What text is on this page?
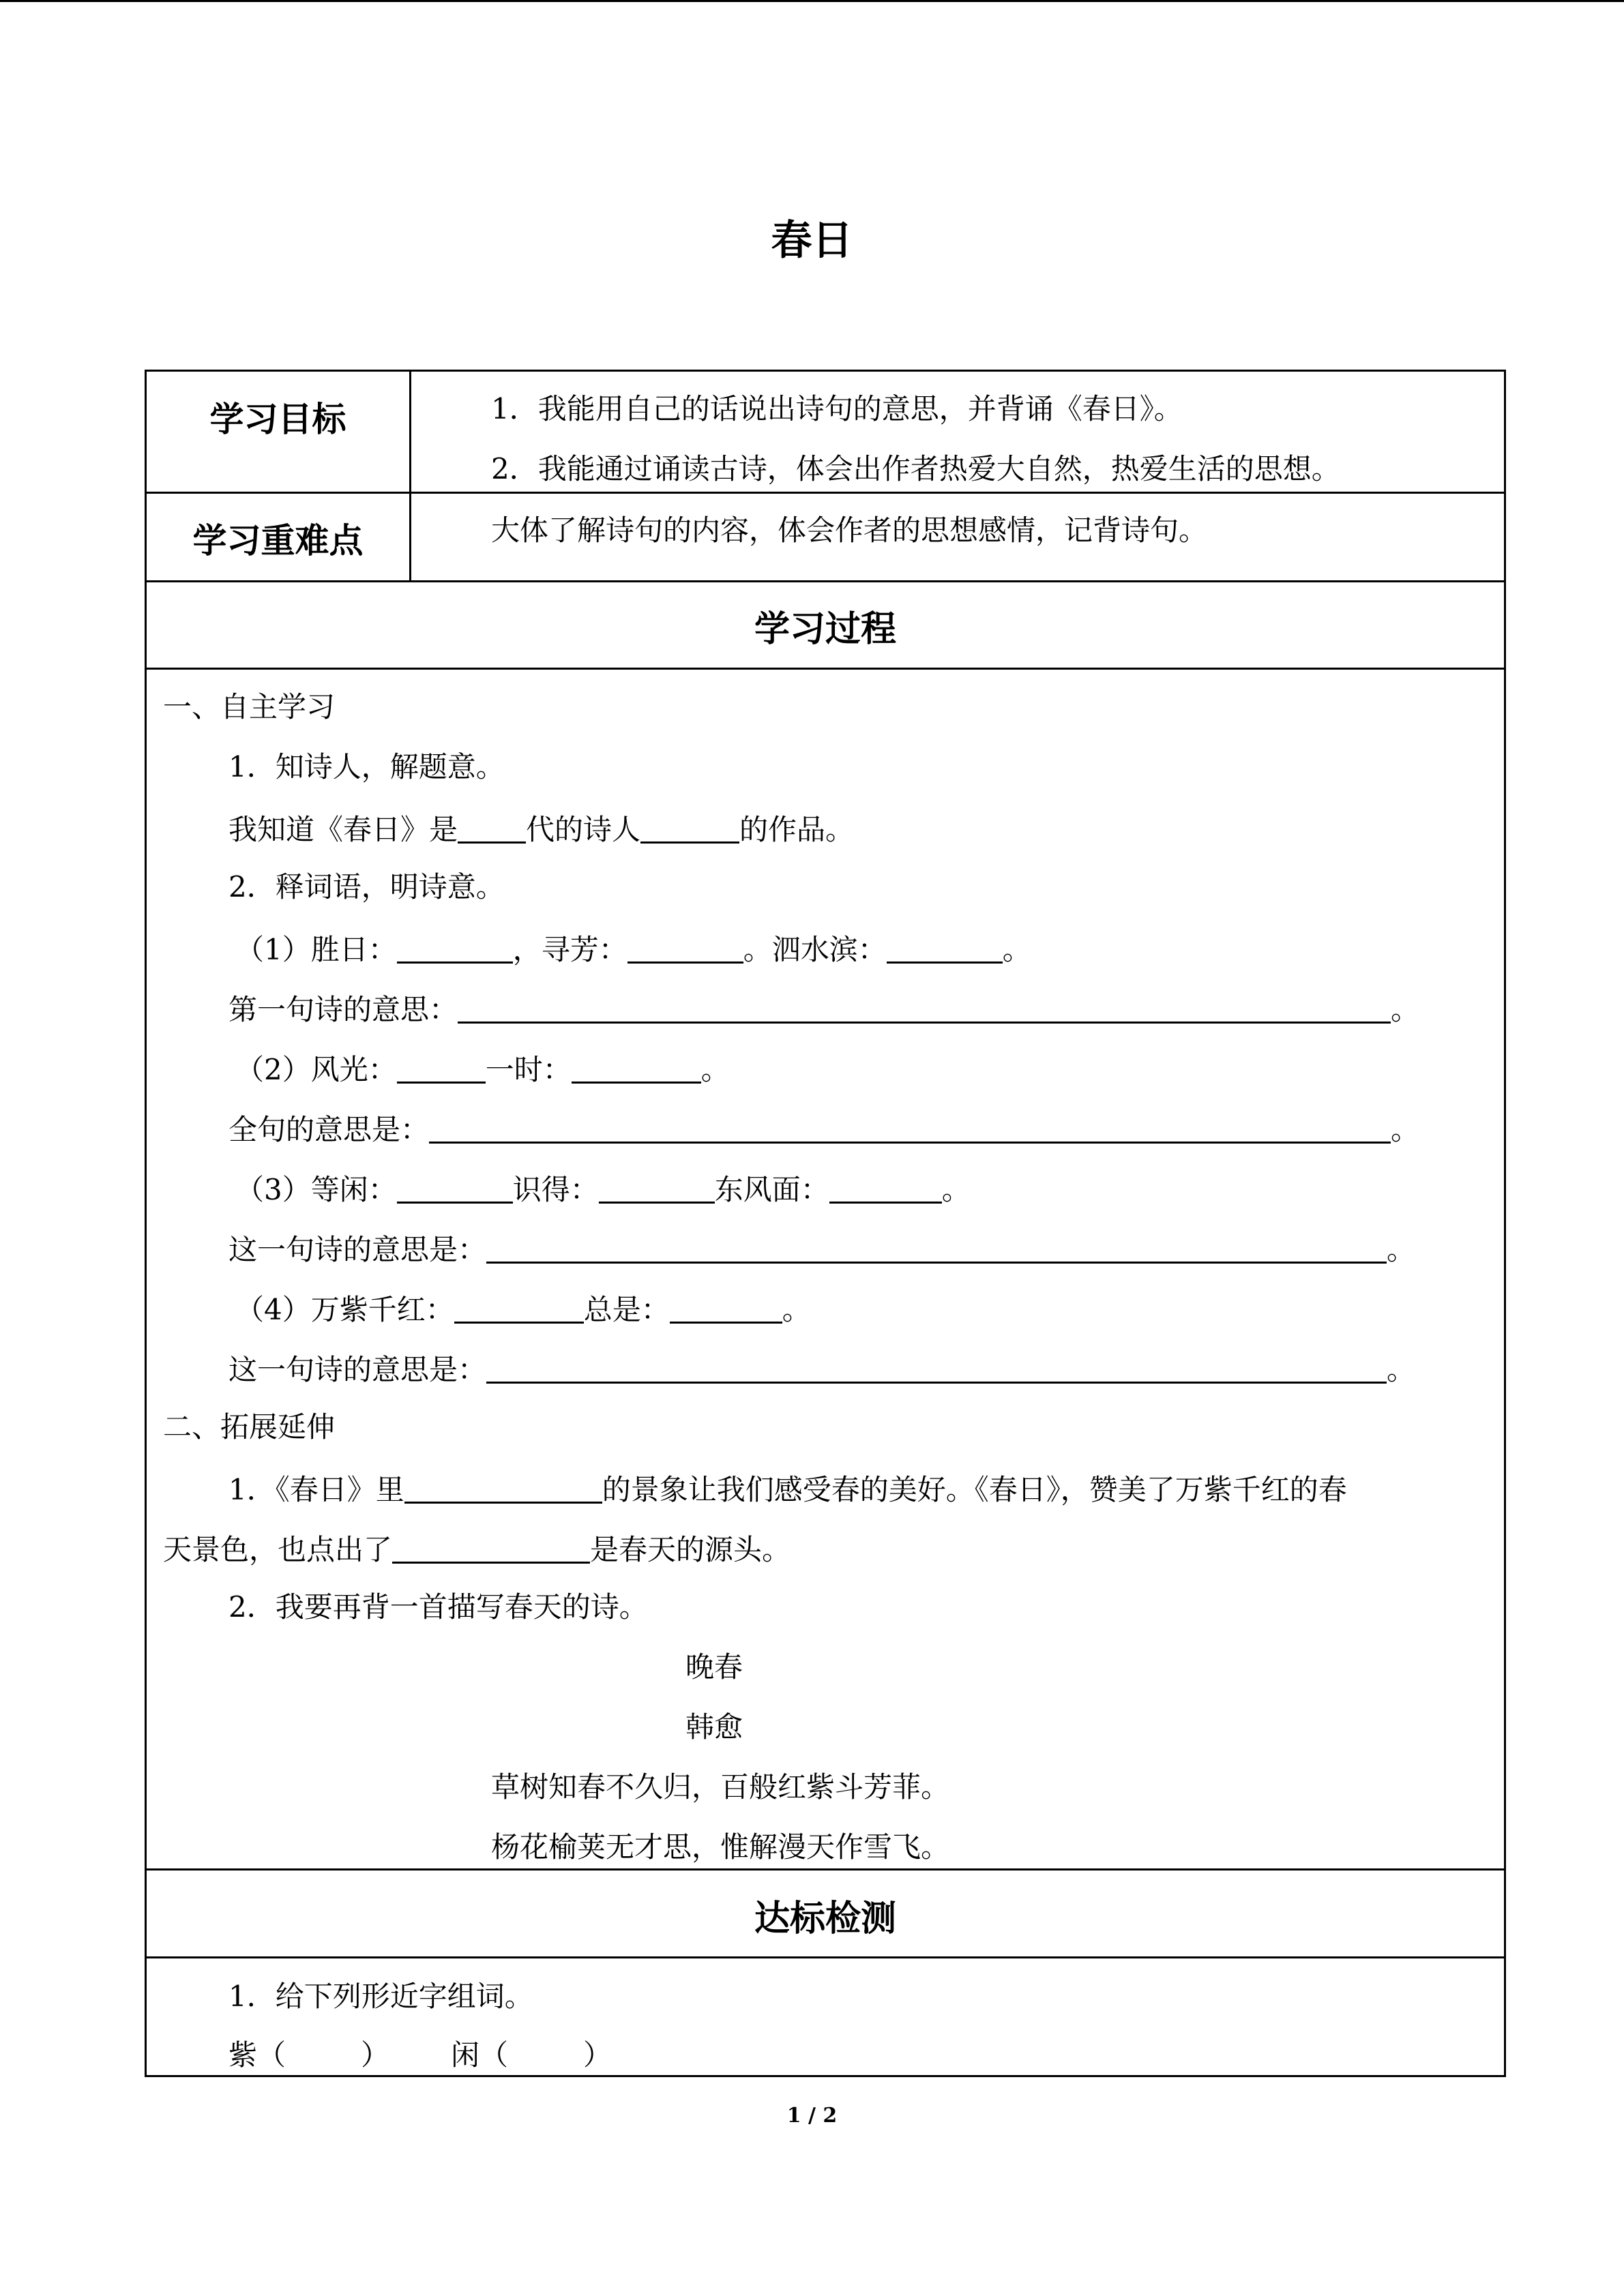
春日
学习目标	1．我能用自己的话说出诗句的意思，并背诵《春日》。
2．我能通过诵读古诗，体会出作者热爱大自然，热爱生活的思想。
学习重难点	大体了解诗句的内容，体会作者的思想感情，记背诗句。
学习过程
一、自主学习
1．知诗人，解题意。
我知道《春日》是 代的诗人	的作品。
2．释词语，明诗意。
（1）胜日：	，寻芳：	。泗水滨：	。
第一句诗的意思：	。
（2）风光：	一时：	。
全句的意思是：	。
（3）等闲：	识得：	东风面：	。
这一句诗的意思是：	。
（4）万紫千红：	总是：	。
这一句诗的意思是：	。
二、拓展延伸
1．《春日》里	的景象让我们感受春的美好。《春日》，赞美了万紫千红的春
天景色，也点出了	是春天的源头。
2．我要再背一首描写春天的诗。
晚春
韩愈
草树知春不久归，百般红紫斗芳菲。
杨花榆荚无才思，惟解漫天作雪飞。
达标检测
1．给下列形近字组词。
紫（	） 闲（	）
1 / 2
